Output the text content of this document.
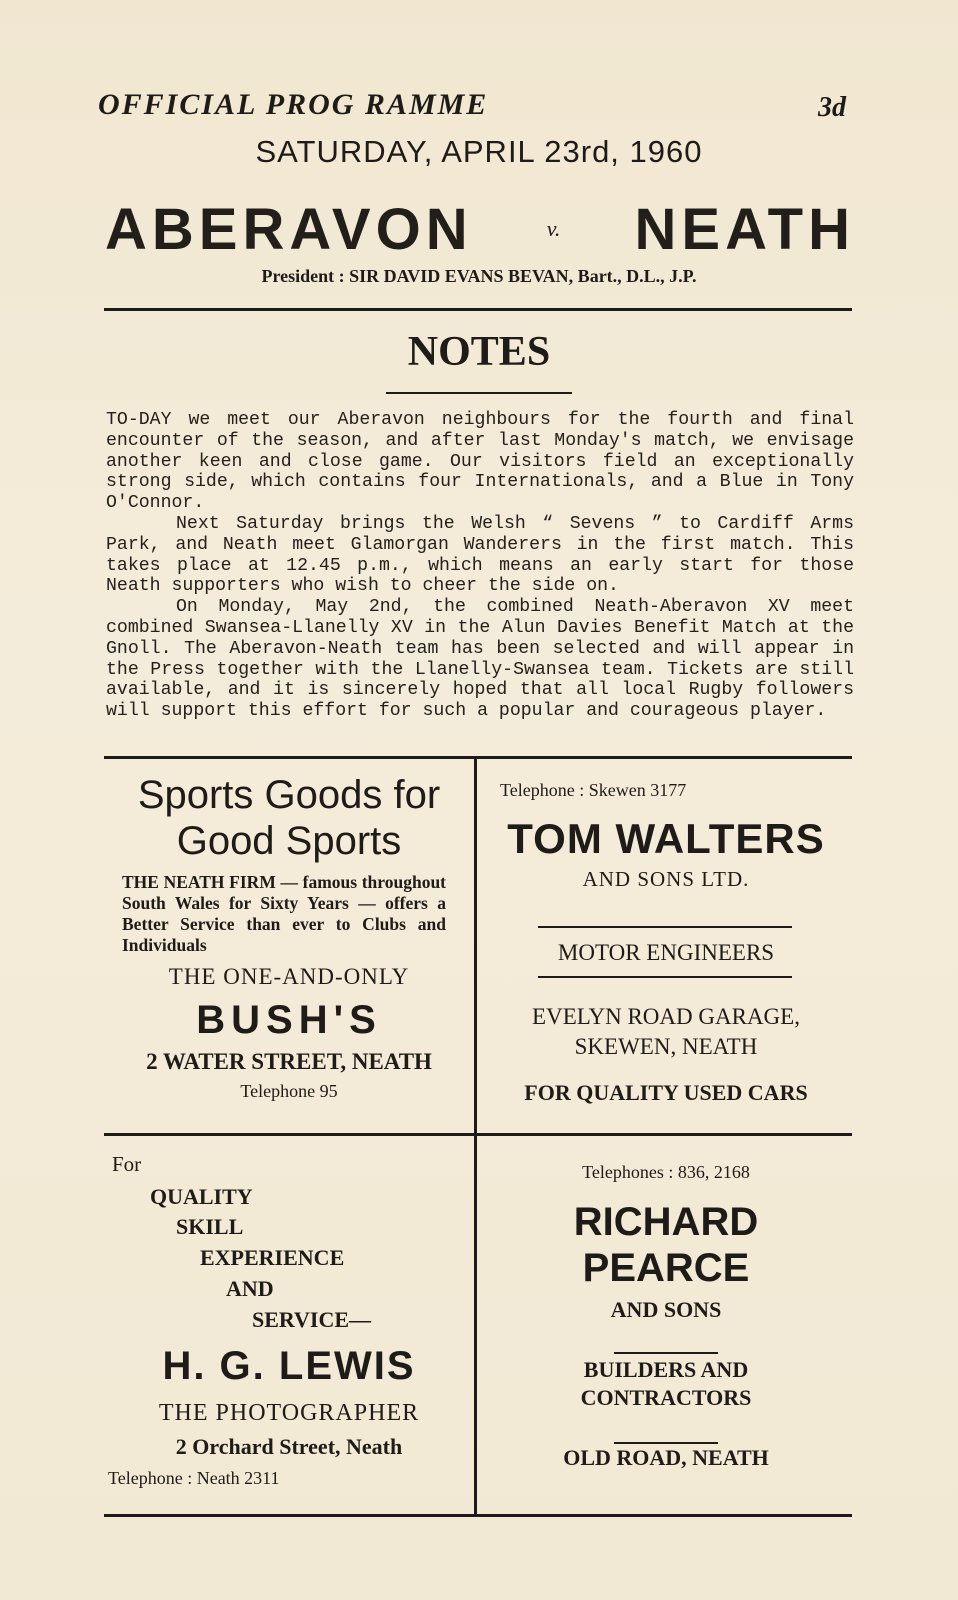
OFFICIAL PROG RAMME	3d
SATURDAY, APRIL 23rd, 1960
ABERAVON	v. NEATH
President : SIR DAVID EVANS BEVAN, Bart., D.L., J.P.
NOTES

TO-DAY we meet our Aberavon neighbours for the fourth and final encounter of the season, and after last Monday's match, we envisage another keen and close game. Our visitors field an exceptionally strong side, which contains four Internationals, and a Blue in Tony O'Connor.

Next Saturday brings the Welsh “ Sevens ” to Cardiff Arms Park, and Neath meet Glamorgan Wanderers in the first match. This takes place at 12.45 p.m., which means an early start for those Neath supporters who wish to cheer the side on.

On Monday, May 2nd, the combined Neath-Aberavon XV meet combined Swansea-Llanelly XV in the Alun Davies Benefit Match at the Gnoll. The Aberavon-Neath team has been selected and will appear in the Press together with the Llanelly-Swansea team. Tickets are still available, and it is sincerely hoped that all local Rugby followers will support this effort for such a popular and courageous player.

Sports Goods for
Good Sports
THE NEATH FIRM — famous throughout South Wales for Sixty Years — offers a Better Service than ever to Clubs and Individuals
THE ONE-AND-ONLY
BUSH'S
2 WATER STREET, NEATH
Telephone 95
Telephone : Skewen 3177
TOM WALTERS
AND SONS LTD.
MOTOR ENGINEERS
EVELYN ROAD GARAGE,
SKEWEN, NEATH
FOR QUALITY USED CARS
For
QUALITY
SKILL
EXPERIENCE
AND
SERVICE—
H. G. LEWIS
THE PHOTOGRAPHER
2 Orchard Street, Neath
Telephone : Neath 2311
Telephones : 836, 2168
RICHARD
PEARCE
AND SONS
BUILDERS AND
CONTRACTORS
OLD ROAD, NEATH
